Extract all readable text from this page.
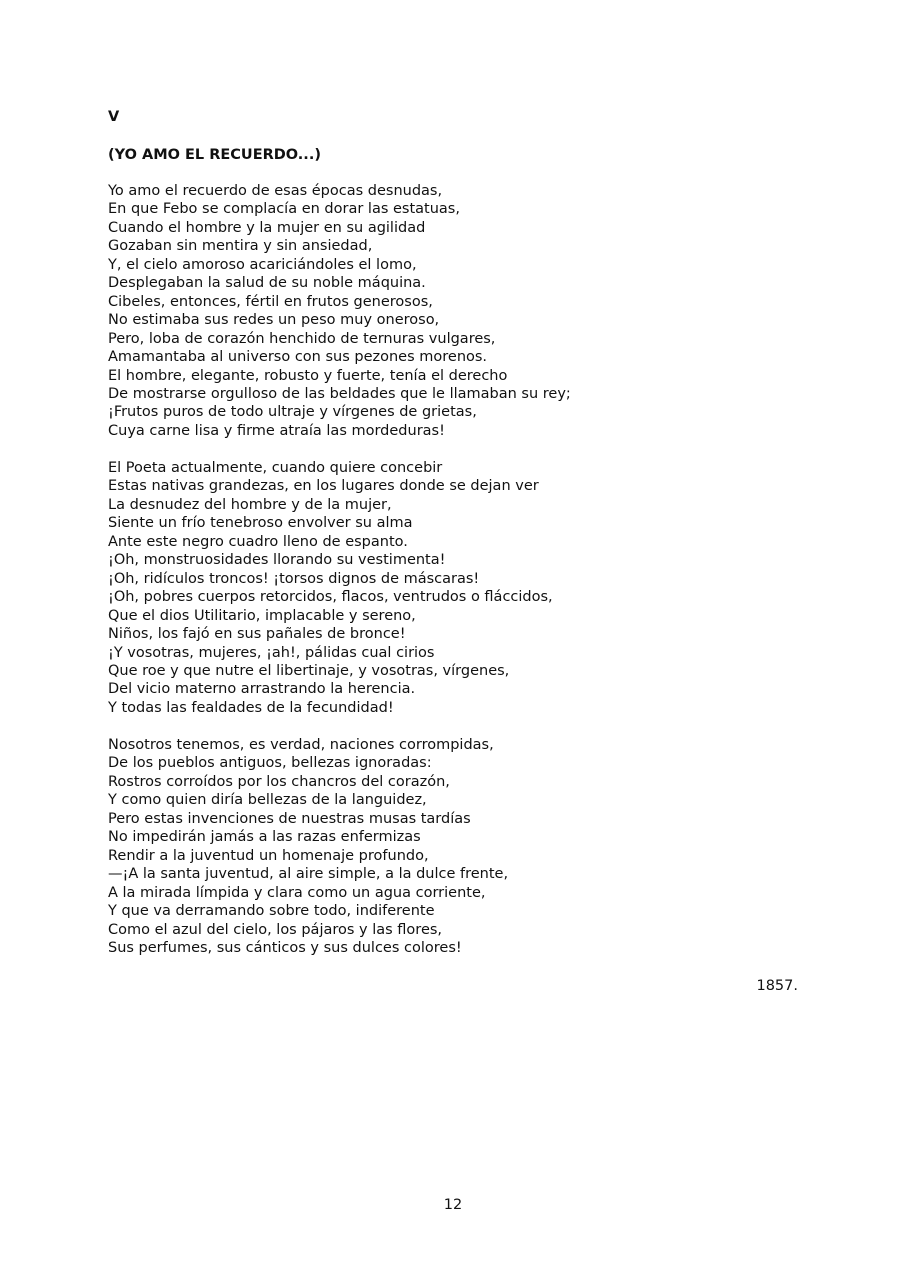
V
(YO AMO EL RECUERDO...)
Yo amo el recuerdo de esas épocas desnudas,
En que Febo se complacía en dorar las estatuas,
Cuando el hombre y la mujer en su agilidad
Gozaban sin mentira y sin ansiedad,
Y, el cielo amoroso acariciándoles el lomo,
Desplegaban la salud de su noble máquina.
Cibeles, entonces, fértil en frutos generosos,
No estimaba sus redes un peso muy oneroso,
Pero, loba de corazón henchido de ternuras vulgares,
Amamantaba al universo con sus pezones morenos.
El hombre, elegante, robusto y fuerte, tenía el derecho
De mostrarse orgulloso de las beldades que le llamaban su rey;
¡Frutos puros de todo ultraje y vírgenes de grietas,
Cuya carne lisa y firme atraía las mordeduras!
El Poeta actualmente, cuando quiere concebir
Estas nativas grandezas, en los lugares donde se dejan ver
La desnudez del hombre y de la mujer,
Siente un frío tenebroso envolver su alma
Ante este negro cuadro lleno de espanto.
¡Oh, monstruosidades llorando su vestimenta!
¡Oh, ridículos troncos! ¡torsos dignos de máscaras!
¡Oh, pobres cuerpos retorcidos, flacos, ventrudos o fláccidos,
Que el dios Utilitario, implacable y sereno,
Niños, los fajó en sus pañales de bronce!
¡Y vosotras, mujeres, ¡ah!, pálidas cual cirios
Que roe y que nutre el libertinaje, y vosotras, vírgenes,
Del vicio materno arrastrando la herencia.
Y todas las fealdades de la fecundidad!
Nosotros tenemos, es verdad, naciones corrompidas,
De los pueblos antiguos, bellezas ignoradas:
Rostros corroídos por los chancros del corazón,
Y como quien diría bellezas de la languidez,
Pero estas invenciones de nuestras musas tardías
No impedirán jamás a las razas enfermizas
Rendir a la juventud un homenaje profundo,
—¡A la santa juventud, al aire simple, a la dulce frente,
A la mirada límpida y clara como un agua corriente,
Y que va derramando sobre todo, indiferente
Como el azul del cielo, los pájaros y las flores,
Sus perfumes, sus cánticos y sus dulces colores!
1857.
12
